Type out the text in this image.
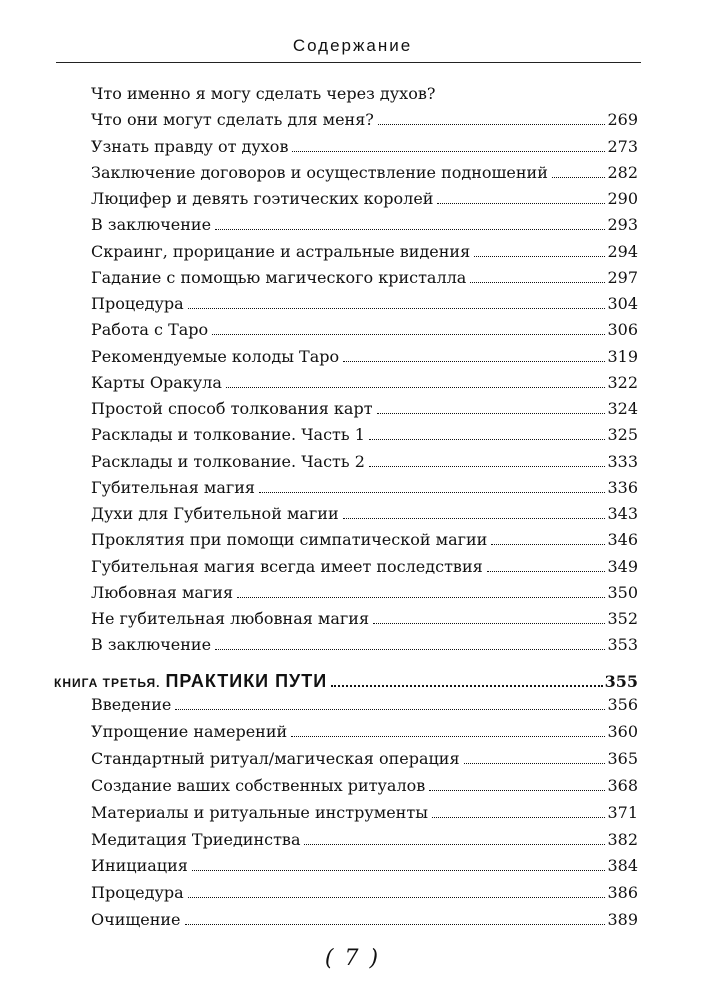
Содержание
Что именно я могу сделать через духов?
Что они могут сделать для меня?	269
Узнать правду от духов	273
Заключение договоров и осуществление подношений	282
Люцифер и девять гоэтических королей	290
В заключение	293
Скраинг, прорицание и астральные видения	294
Гадание с помощью магического кристалла	297
Процедура	304
Работа с Таро	306
Рекомендуемые колоды Таро	319
Карты Оракула	322
Простой способ толкования карт	324
Расклады и толкование. Часть 1	325
Расклады и толкование. Часть 2	333
Губительная магия	336
Духи для Губительной магии	343
Проклятия при помощи симпатической магии	346
Губительная магия всегда имеет последствия	349
Любовная магия	350
Не губительная любовная магия	352
В заключение	353
КНИГА ТРЕТЬЯ. ПРАКТИКИ ПУТИ	355
Введение	356
Упрощение намерений	360
Стандартный ритуал/магическая операция	365
Создание ваших собственных ритуалов	368
Материалы и ритуальные инструменты	371
Медитация Триединства	382
Инициация	384
Процедура	386
Очищение	389
( 7 )
